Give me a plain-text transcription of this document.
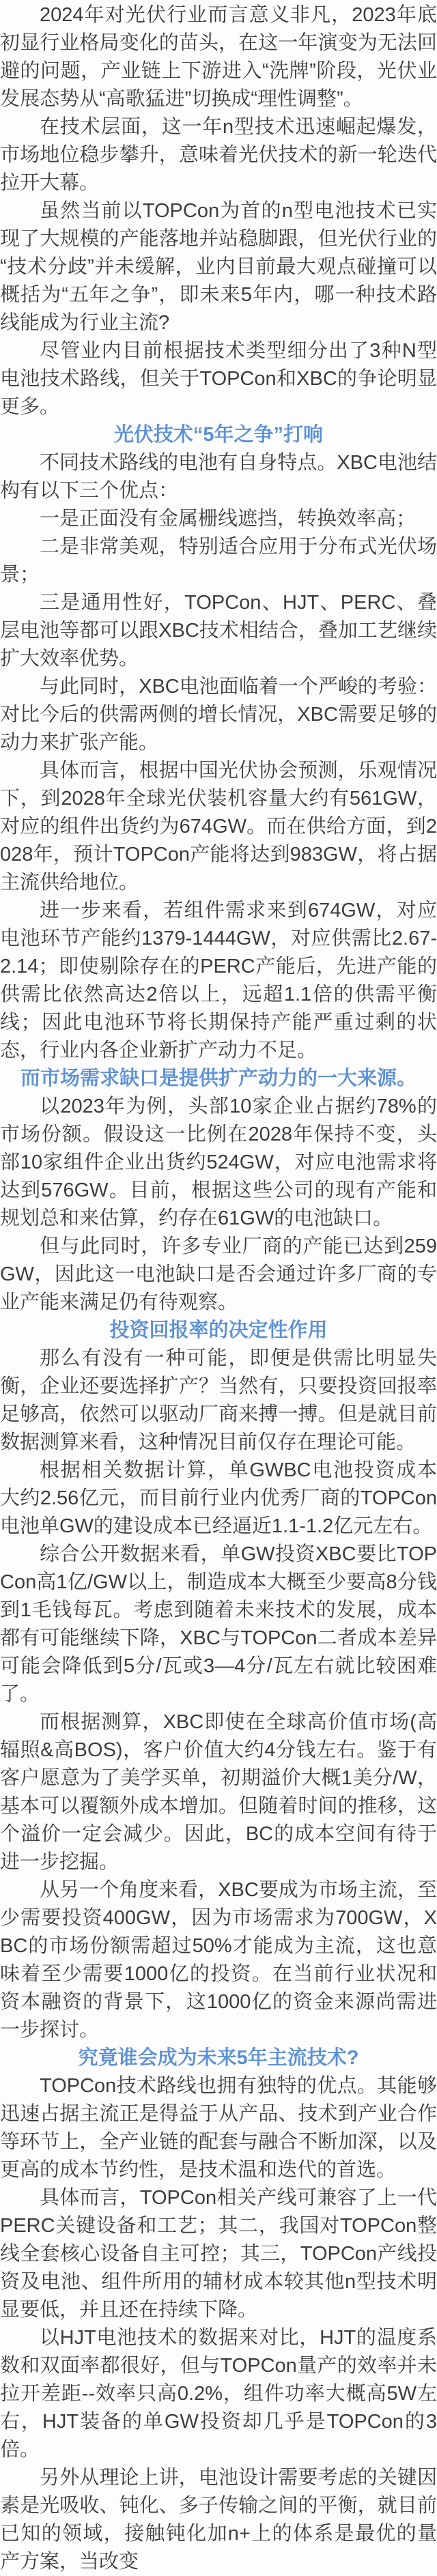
2024年对光伏行业而言意义非凡，2023年底初显行业格局变化的苗头，在这一年演变为无法回避的问题，产业链上下游进入“洗牌”阶段，光伏业发展态势从“高歌猛进”切换成“理性调整”。

在技术层面，这一年n型技术迅速崛起爆发，市场地位稳步攀升，意味着光伏技术的新一轮迭代拉开大幕。

虽然当前以TOPCon为首的n型电池技术已实现了大规模的产能落地并站稳脚跟，但光伏行业的“技术分歧”并未缓解，业内目前最大观点碰撞可以概括为“五年之争”，即未来5年内，哪一种技术路线能成为行业主流?

尽管业内目前根据技术类型细分出了3种N型电池技术路线，但关于TOPCon和XBC的争论明显更多。

光伏技术“5年之争”打响

不同技术路线的电池有自身特点。XBC电池结构有以下三个优点：

一是正面没有金属栅线遮挡，转换效率高；

二是非常美观，特别适合应用于分布式光伏场景；

三是通用性好，TOPCon、HJT、PERC、叠层电池等都可以跟XBC技术相结合，叠加工艺继续扩大效率优势。

与此同时，XBC电池面临着一个严峻的考验：对比今后的供需两侧的增长情况，XBC需要足够的动力来扩张产能。

具体而言，根据中国光伏协会预测，乐观情况下，到2028年全球光伏装机容量大约有561GW，对应的组件出货约为674GW。而在供给方面，到2028年，预计TOPCon产能将达到983GW，将占据主流供给地位。

进一步来看，若组件需求来到674GW，对应电池环节产能约1379-1444GW，对应供需比2.67-2.14；即使剔除存在的PERC产能后，先进产能的供需比依然高达2倍以上，远超1.1倍的供需平衡线；因此电池环节将长期保持产能严重过剩的状态，行业内各企业新扩产动力不足。

而市场需求缺口是提供扩产动力的一大来源。

以2023年为例，头部10家企业占据约78%的市场份额。假设这一比例在2028年保持不变，头部10家组件企业出货约524GW，对应电池需求将达到576GW。目前，根据这些公司的现有产能和规划总和来估算，约存在61GW的电池缺口。

但与此同时，许多专业厂商的产能已达到259GW，因此这一电池缺口是否会通过许多厂商的专业产能来满足仍有待观察。

投资回报率的决定性作用

那么有没有一种可能，即便是供需比明显失衡，企业还要选择扩产？当然有，只要投资回报率足够高，依然可以驱动厂商来搏一搏。但是就目前数据测算来看，这种情况目前仅存在理论可能。

根据相关数据计算，单GWBC电池投资成本大约2.56亿元，而目前行业内优秀厂商的TOPCon电池单GW的建设成本已经逼近1.1-1.2亿元左右。

综合公开数据来看，单GW投资XBC要比TOPCon高1亿/GW以上，制造成本大概至少要高8分钱到1毛钱每瓦。考虑到随着未来技术的发展，成本都有可能继续下降，XBC与TOPCon二者成本差异可能会降低到5分/瓦或3—4分/瓦左右就比较困难了。

而根据测算，XBC即使在全球高价值市场(高辐照&高BOS)，客户价值大约4分钱左右。鉴于有客户愿意为了美学买单，初期溢价大概1美分/W，基本可以覆额外成本增加。但随着时间的推移，这个溢价一定会减少。因此，BC的成本空间有待于进一步挖掘。

从另一个角度来看，XBC要成为市场主流，至少需要投资400GW，因为市场需求为700GW，XBC的市场份额需超过50%才能成为主流，这也意味着至少需要1000亿的投资。在当前行业状况和资本融资的背景下，这1000亿的资金来源尚需进一步探讨。

究竟谁会成为未来5年主流技术?

TOPCon技术路线也拥有独特的优点。其能够迅速占据主流正是得益于从产品、技术到产业合作等环节上，全产业链的配套与融合不断加深，以及更高的成本节约性，是技术温和迭代的首选。

具体而言，TOPCon相关产线可兼容了上一代PERC关键设备和工艺；其二，我国对TOPCon整线全套核心设备自主可控；其三，TOPCon产线投资及电池、组件所用的辅材成本较其他n型技术明显要低，并且还在持续下降。

以HJT电池技术的数据来对比，HJT的温度系数和双面率都很好，但与TOPCon量产的效率并未拉开差距--效率只高0.2%，组件功率大概高5W左右，HJT装备的单GW投资却几乎是TOPCon的3倍。

另外从理论上讲，电池设计需要考虑的关键因素是光吸收、钝化、多子传输之间的平衡，就目前已知的领域，接触钝化加n+上的体系是最优的量产方案，当改变
